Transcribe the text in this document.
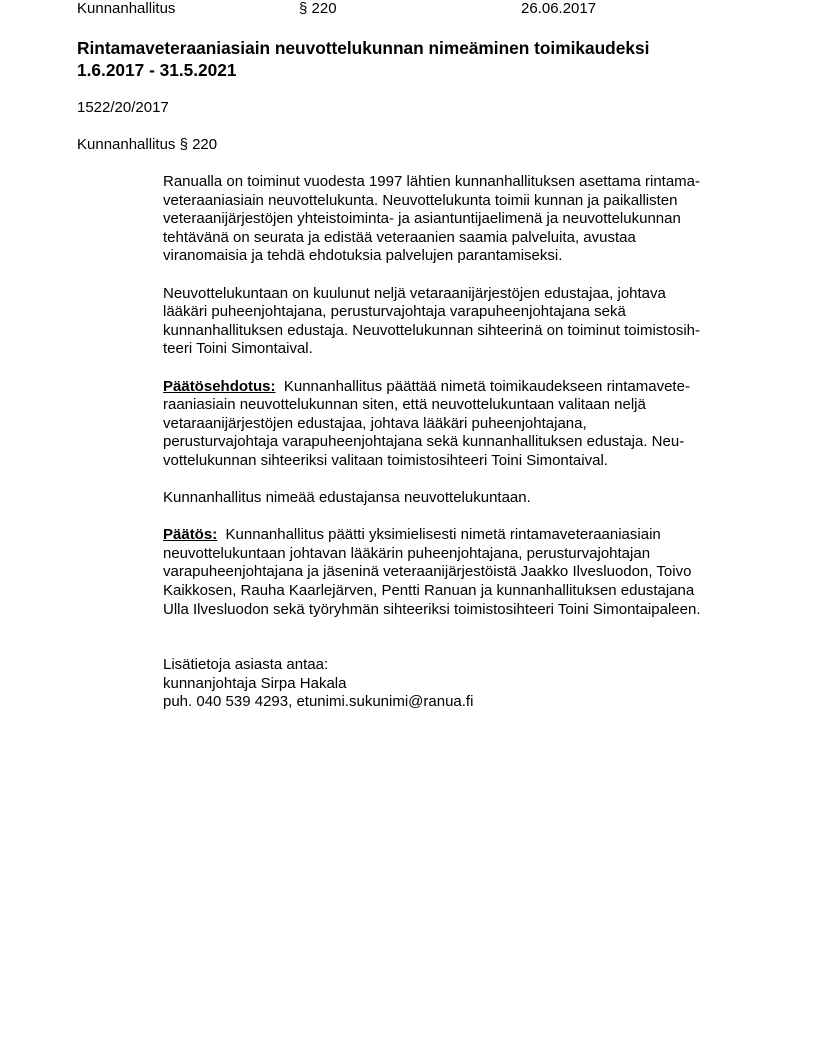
Kunnanhallitus	§ 220	26.06.2017
Rintamaveteraaniasiain neuvottelukunnan nimeäminen toimikaudeksi
1.6.2017 - 31.5.2021
1522/20/2017
Kunnanhallitus § 220

Ranualla on toiminut vuodesta 1997 lähtien kunnanhallituksen asettama rintama-
veteraaniasiain neuvottelukunta. Neuvottelukunta toimii kunnan ja paikallisten
veteraanijärjestöjen yhteistoiminta- ja asiantuntijaelimenä ja neuvottelukunnan
tehtävänä on seurata ja edistää veteraanien saamia palveluita, avustaa
viranomaisia ja tehdä ehdotuksia palvelujen parantamiseksi.

Neuvottelukuntaan on kuulunut neljä vetaraanijärjestöjen edustajaa, johtava
lääkäri puheenjohtajana, perusturvajohtaja varapuheenjohtajana sekä
kunnanhallituksen edustaja. Neuvottelukunnan sihteerinä on toiminut toimistosih-
teeri Toini Simontaival.

Päätösehdotus: Kunnanhallitus päättää nimetä toimikaudekseen rintamavete-
raaniasiain neuvottelukunnan siten, että neuvottelukuntaan valitaan neljä
vetaraanijärjestöjen edustajaa, johtava lääkäri puheenjohtajana,
perusturvajohtaja varapuheenjohtajana sekä kunnanhallituksen edustaja. Neu-
vottelukunnan sihteeriksi valitaan toimistosihteeri Toini Simontaival.

Kunnanhallitus nimeää edustajansa neuvottelukuntaan.

Päätös: Kunnanhallitus päätti yksimielisesti nimetä rintamaveteraaniasiain
neuvottelukuntaan johtavan lääkärin puheenjohtajana, perusturvajohtajan
varapuheenjohtajana ja jäseninä veteraanijärjestöistä Jaakko Ilvesluodon, Toivo
Kaikkosen, Rauha Kaarlejärven, Pentti Ranuan ja kunnanhallituksen edustajana
Ulla Ilvesluodon sekä työryhmän sihteeriksi toimistosihteeri Toini Simontaipaleen.

Lisätietoja asiasta antaa:
kunnanjohtaja Sirpa Hakala
puh. 040 539 4293, etunimi.sukunimi@ranua.fi
